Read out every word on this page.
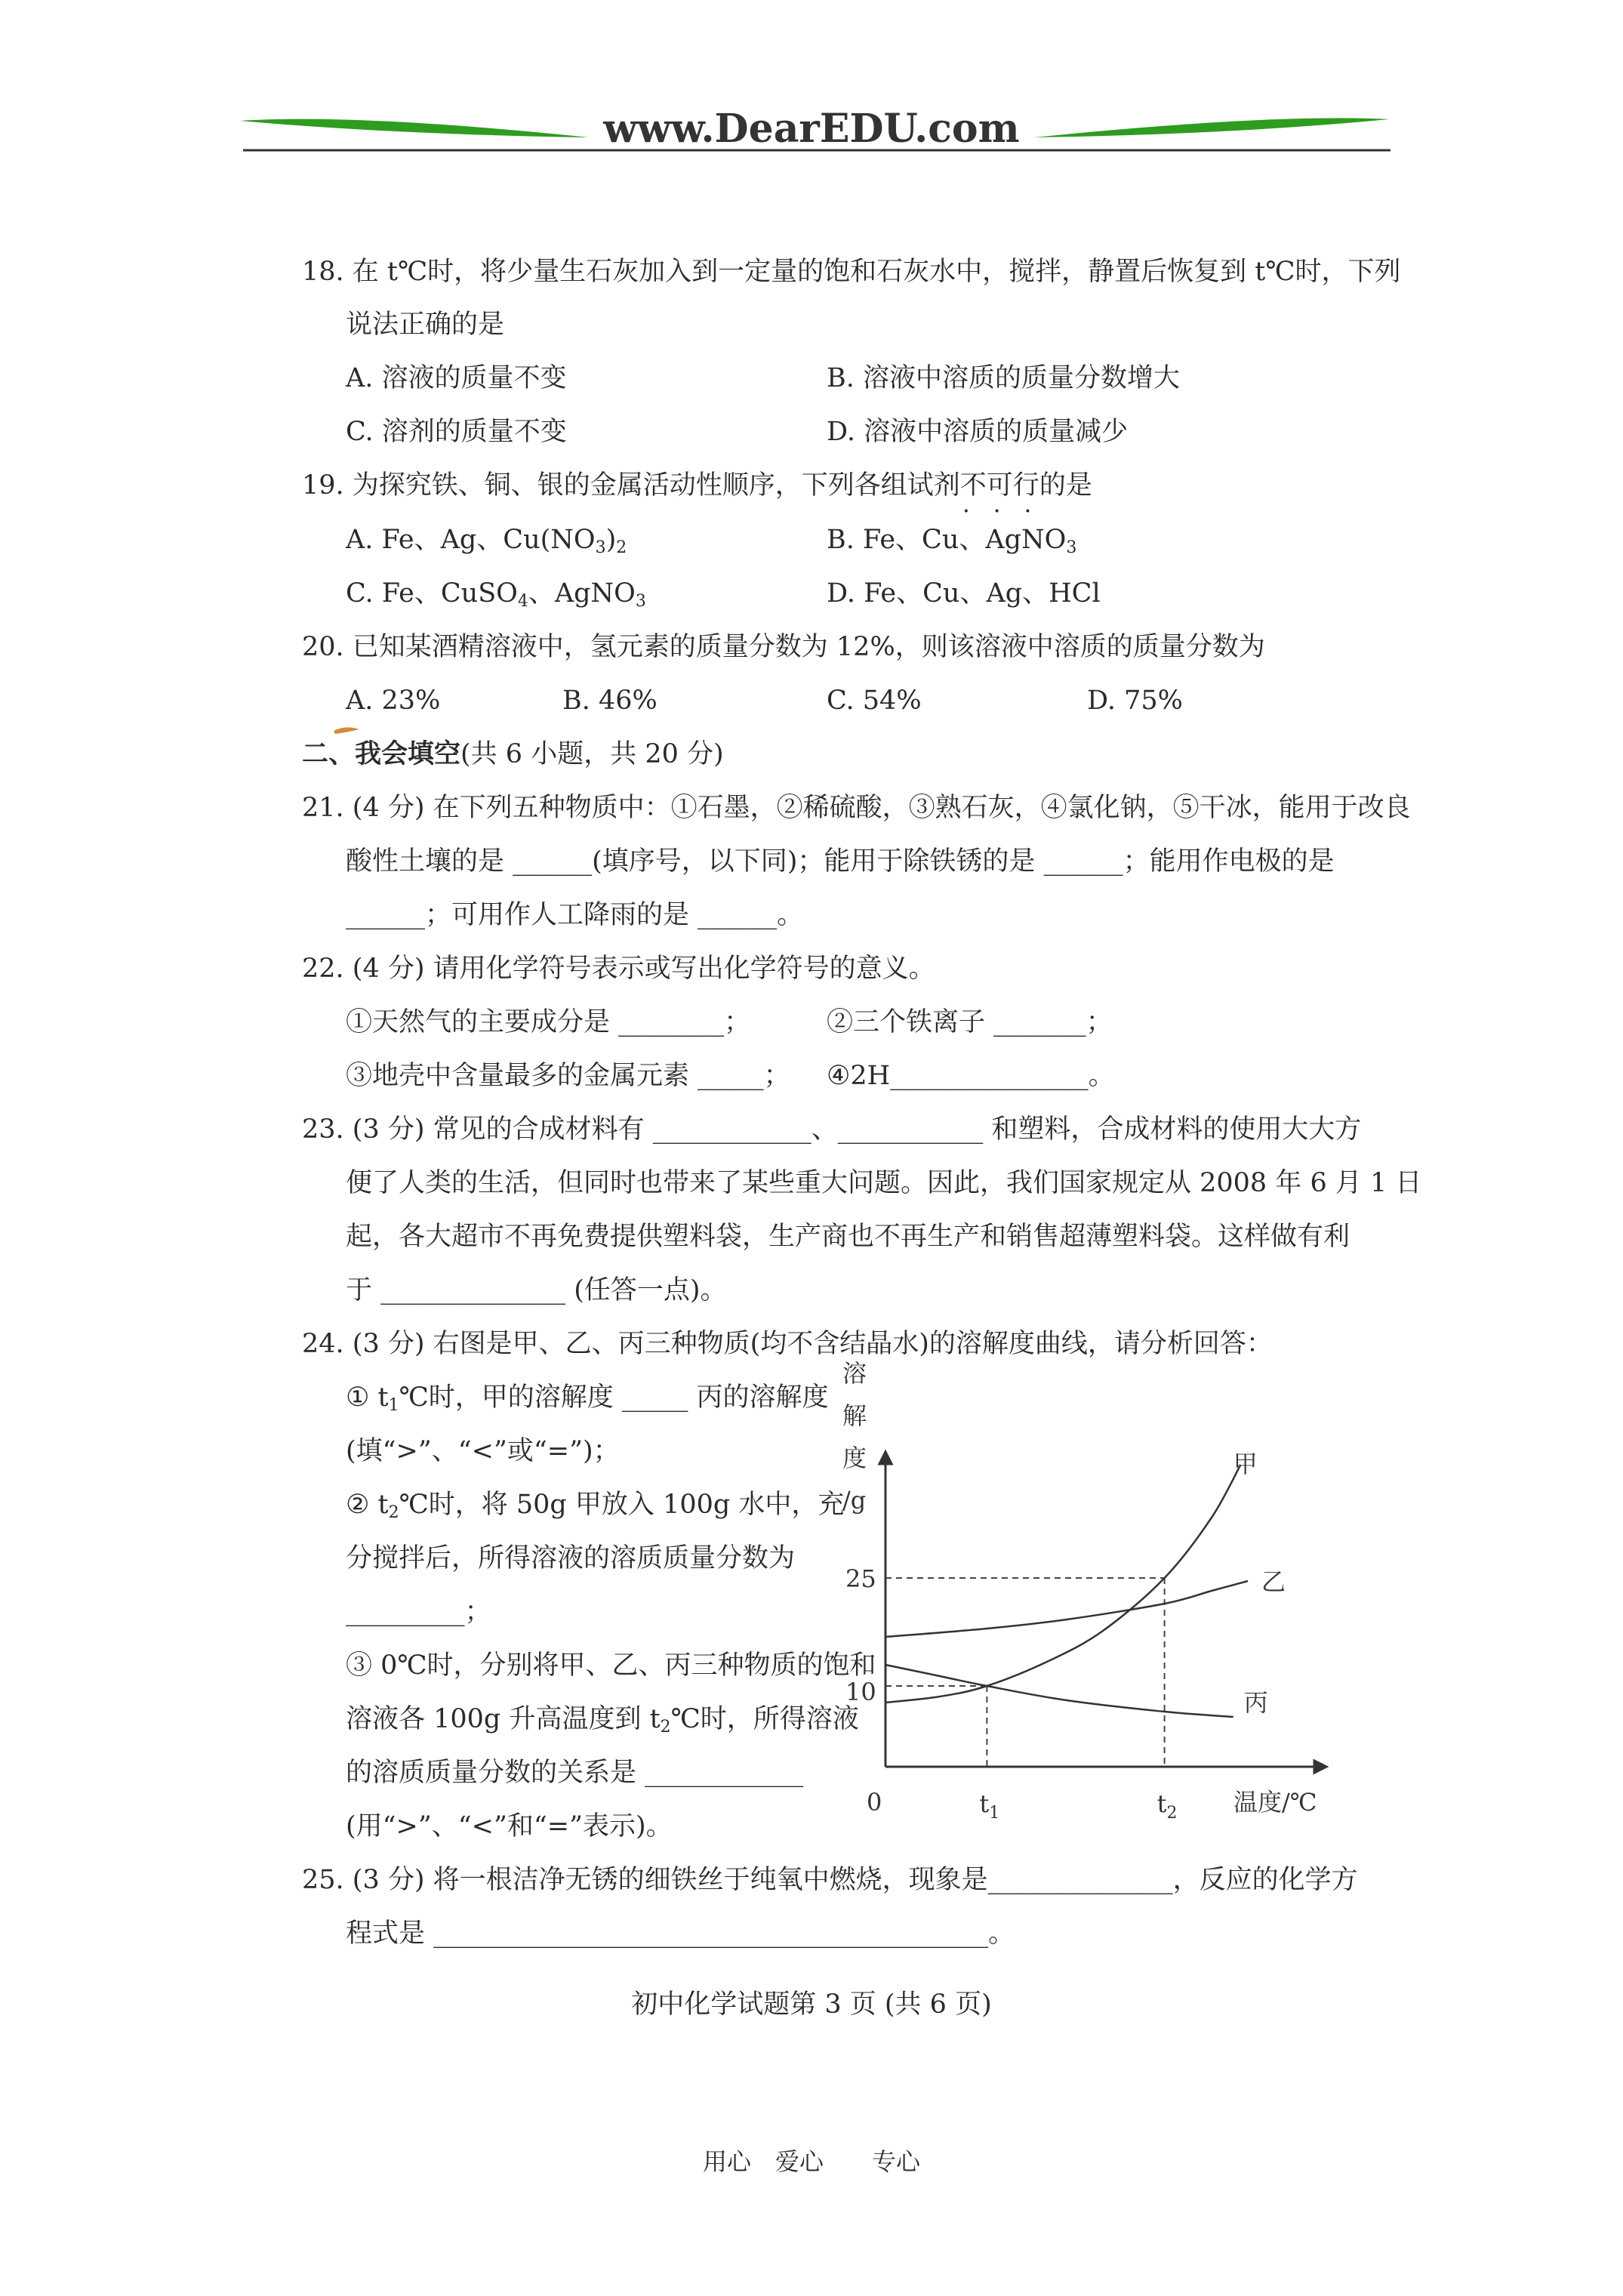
www.DearEDU.com
18. 在 t℃时，将少量生石灰加入到一定量的饱和石灰水中，搅拌，静置后恢复到 t℃时，下列
说法正确的是
A. 溶液的质量不变	B. 溶液中溶质的质量分数增大
C. 溶剂的质量不变	D. 溶液中溶质的质量减少
19. 为探究铁、铜、银的金属活动性顺序，下列各组试剂不可行 • • •的是
A. Fe、Ag、$Cu(NO_3)_2$	B. Fe、Cu、AgNO$_3$
C. Fe、CuSO$_4$、AgNO$_3$	D. Fe、Cu、Ag、HCl
20. 已知某酒精溶液中，氢元素的质量分数为 12%，则该溶液中溶质的质量分数为
A. 23%	B. 46%	C. 54%	D. 75%
二、我会填空(共 6 小题，共 20 分)
21. (4 分) 在下列五种物质中：①石墨，②稀硫酸，③熟石灰，④氯化钠，⑤干冰，能用于改良
酸性土壤的是 ______(填序号，以下同)；能用于除铁锈的是 ______；能用作电极的是
______；可用作人工降雨的是 ______。
22. (4 分) 请用化学符号表示或写出化学符号的意义。
①天然气的主要成分是 ________；	②三个铁离子 _______；
③地壳中含量最多的金属元素 _____； ④2H_______________。
23. (3 分) 常见的合成材料有 ____________、___________ 和塑料，合成材料的使用大大方
便了人类的生活，但同时也带来了某些重大问题。因此，我们国家规定从 2008 年 6 月 1 日
起，各大超市不再免费提供塑料袋，生产商也不再生产和销售超薄塑料袋。这样做有利
于 ______________ (任答一点)。
24. (3 分) 右图是甲、乙、丙三种物质(均不含结晶水)的溶解度曲线，请分析回答：
① $t_1℃$时，甲的溶解度 _____ 丙的溶解度
(填“>”、“<”或“=”)；
② $t_2℃$时，将 50g 甲放入 100g 水中，充
分搅拌后，所得溶液的溶质质量分数为
_________；
③ 0℃时，分别将甲、乙、丙三种物质的饱和
溶液各 100g 升高温度到 $t_2℃$时，所得溶液
的溶质质量分数的关系是 ____________
(用“>”、“<”和“=”表示)。
甲
乙
丙
溶
解
度
/g
25
10
0	$t_1$	$t_2$ 温度/℃
25. (3 分) 将一根洁净无锈的细铁丝于纯氧中燃烧，现象是______________，反应的化学方
程式是 __________________________________________。
初中化学试题第 3 页 (共 6 页)
用心　爱心　　专心
